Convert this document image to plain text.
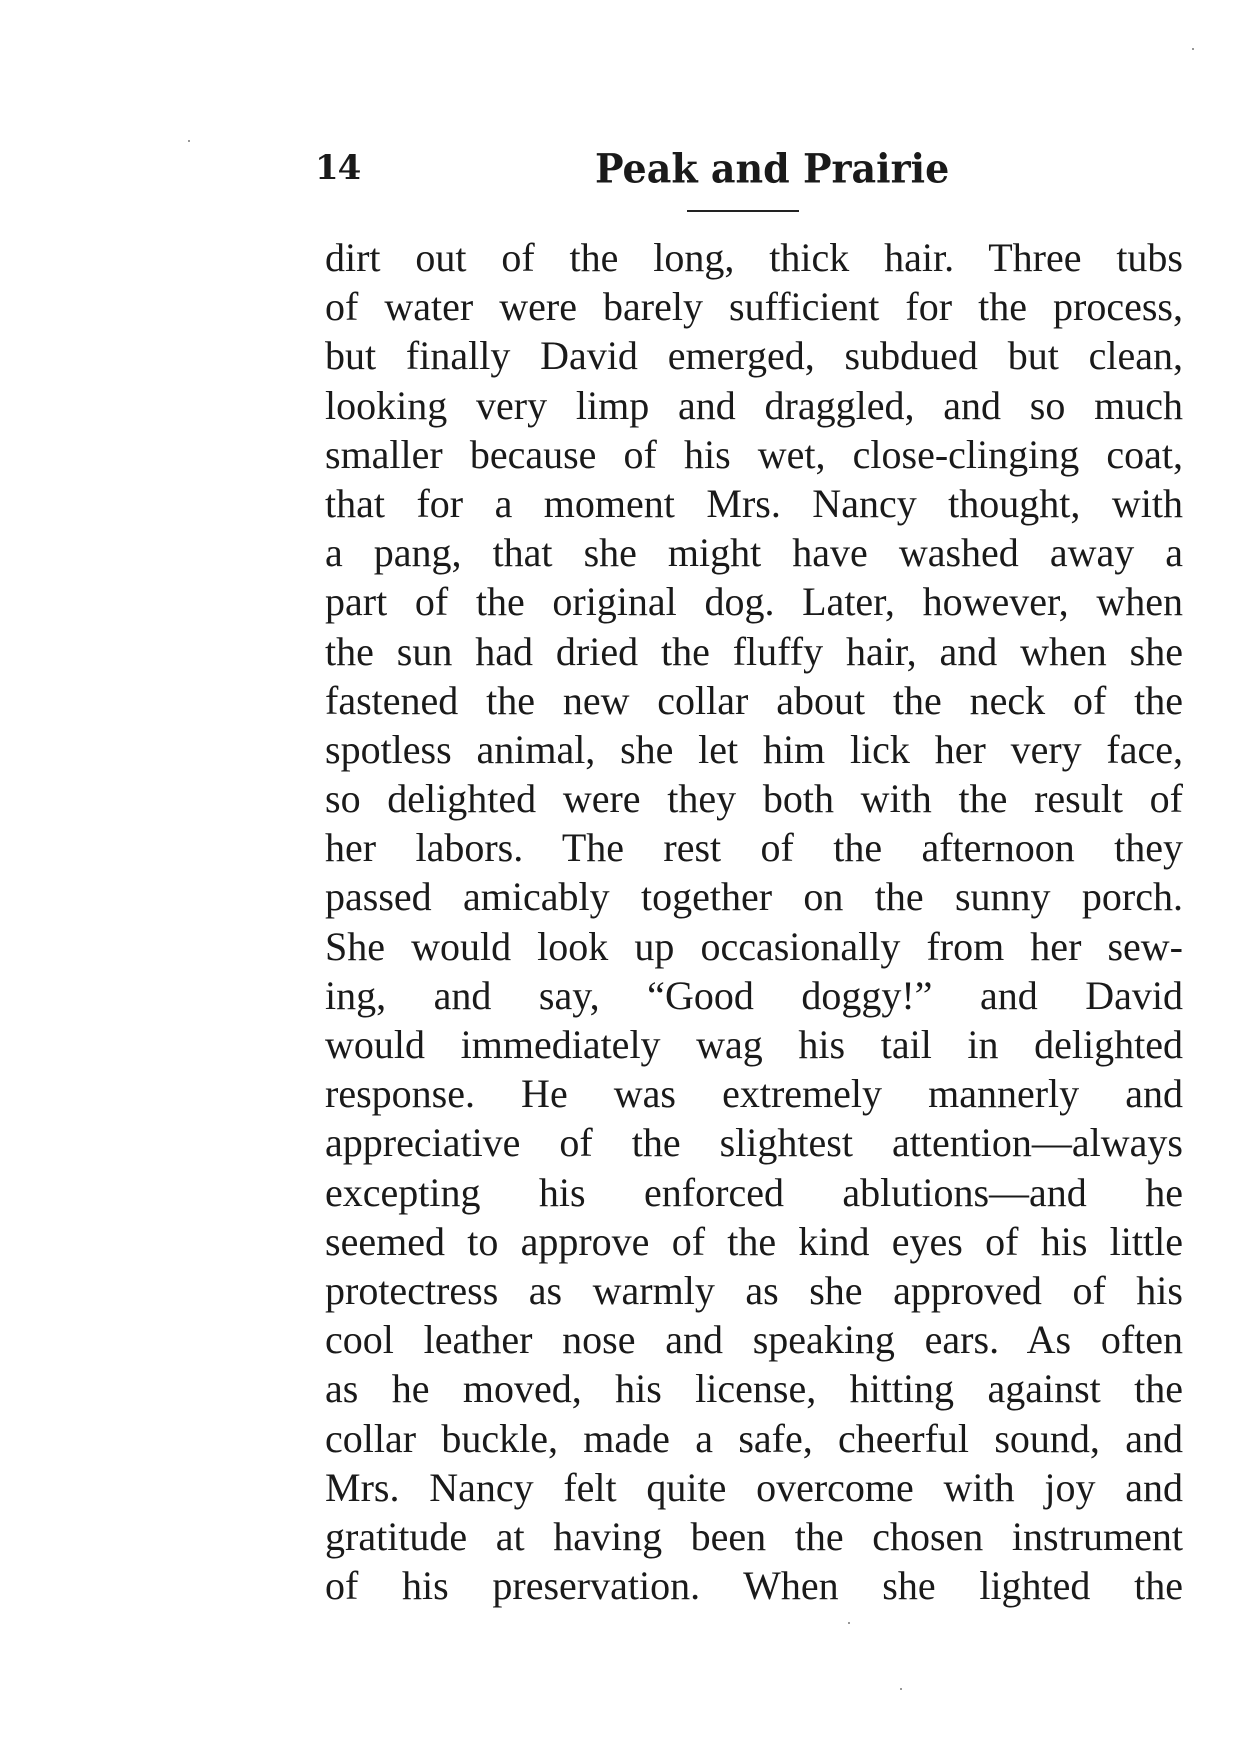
14	Peak and Prairie
dirt out of the long, thick hair. Three tubs
of water were barely sufficient for the process,
but finally David emerged, subdued but clean,
looking very limp and draggled, and so much
smaller because of his wet, close-clinging coat,
that for a moment Mrs. Nancy thought, with
a pang, that she might have washed away a
part of the original dog. Later, however, when
the sun had dried the fluffy hair, and when she
fastened the new collar about the neck of the
spotless animal, she let him lick her very face,
so delighted were they both with the result of
her labors. The rest of the afternoon they
passed amicably together on the sunny porch.
She would look up occasionally from her sew-
ing, and say, “Good doggy!” and David
would immediately wag his tail in delighted
response. He was extremely mannerly and
appreciative of the slightest attention—always
excepting his enforced ablutions—and he
seemed to approve of the kind eyes of his little
protectress as warmly as she approved of his
cool leather nose and speaking ears. As often
as he moved, his license, hitting against the
collar buckle, made a safe, cheerful sound, and
Mrs. Nancy felt quite overcome with joy and
gratitude at having been the chosen instrument
of his preservation. When she lighted the
